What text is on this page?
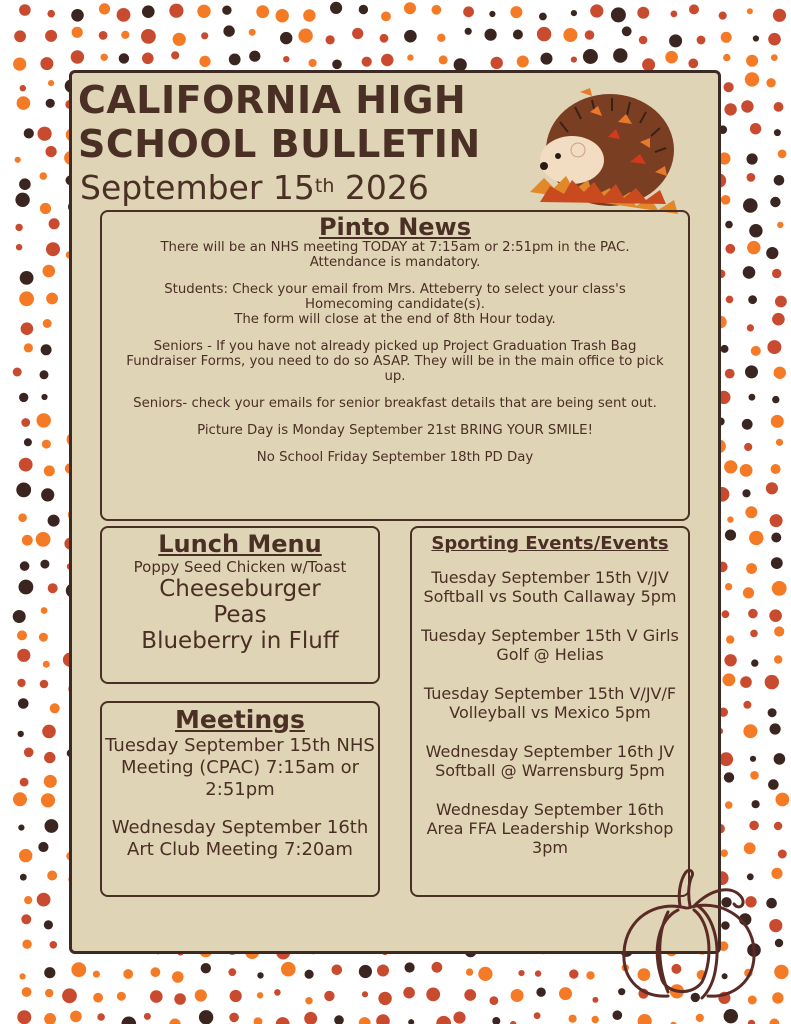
CALIFORNIA HIGH
SCHOOL BULLETIN
September 15th 2026
Pinto News

There will be an NHS meeting TODAY at 7:15am or 2:51pm in the PAC. Attendance is mandatory.

Students: Check your email from Mrs. Atteberry to select your class's Homecoming candidate(s).

The form will close at the end of 8th Hour today.

Seniors - If you have not already picked up Project Graduation Trash Bag Fundraiser Forms, you need to do so ASAP. They will be in the main office to pick up.

Seniors- check your emails for senior breakfast details that are being sent out.

Picture Day is Monday September 21st BRING YOUR SMILE!

No School Friday September 18th PD Day

Lunch Menu
Poppy Seed Chicken w/Toast
Cheeseburger
Peas
Blueberry in Fluff
Meetings

Tuesday September 15th NHS Meeting (CPAC) 7:15am or 2:51pm

Wednesday September 16th Art Club Meeting 7:20am

Sporting Events/Events

Tuesday September 15th V/JV Softball vs South Callaway 5pm

Tuesday September 15th V Girls Golf @ Helias

Tuesday September 15th V/JV/F Volleyball vs Mexico 5pm

Wednesday September 16th JV Softball @ Warrensburg 5pm

Wednesday September 16th Area FFA Leadership Workshop 3pm
